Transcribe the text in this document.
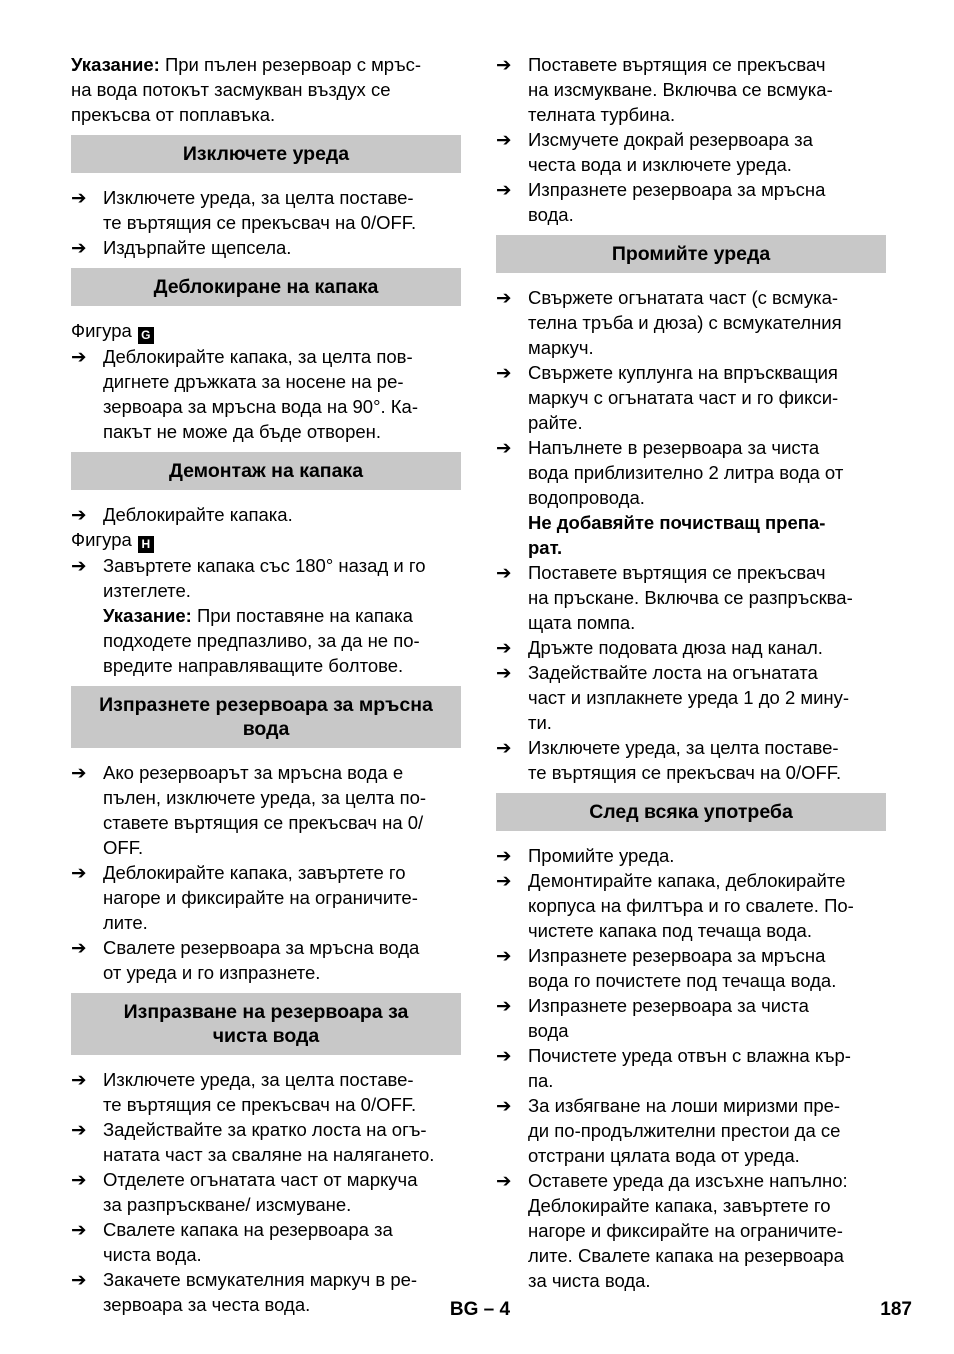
Указание: При пълен резервоар с мръс-
на вода потокът засмукван въздух се
прекъсва от поплавъка.

Изключете уреда
➔ Изключете уреда, за целта поставе-
те въртящия се прекъсвач на 0/OFF.
➔ Издърпайте щепсела.
Деблокиране на капака
Фигура G
➔ Деблокирайте капака, за целта пов-
дигнете дръжката за носене на ре-
зервоара за мръсна вода на 90°. Ка-
пакът не може да бъде отворен.
Демонтаж на капака
➔ Деблокирайте капака.
Фигура H
➔ Завъртете капака със 180° назад и го
изтеглете.
Указание: При поставяне на капака
подходете предпазливо, за да не по-
вредите направляващите болтове.
Изпразнете резервоара за мръсна
вода
➔ Ако резервоарът за мръсна вода е
пълен, изключете уреда, за целта по-
ставете въртящия се прекъсвач на 0/
OFF.
➔ Деблокирайте капака, завъртете го
нагоре и фиксирайте на ограничите-
лите.
➔ Свалете резервоара за мръсна вода
от уреда и го изпразнете.
Изпразване на резервоара за
чиста вода
➔ Изключете уреда, за целта поставе-
те въртящия се прекъсвач на 0/OFF.
➔ Задействайте за кратко лоста на огъ-
натата част за сваляне на налягането.
➔ Отделете огънатата част от маркуча
за разпръскване/ изсмуване.
➔ Свалете капака на резервоара за
чиста вода.
➔ Закачете всмукателния маркуч в ре-
зервоара за честа вода.
➔ Поставете въртящия се прекъсвач
на изсмукване. Включва се всмука-
телната турбина.
➔ Изсмучете докрай резервоара за
честа вода и изключете уреда.
➔ Изпразнете резервоара за мръсна
вода.
Промийте уреда
➔ Свържете огънатата част (с всмука-
телна тръба и дюза) с всмукателния
маркуч.
➔ Свържете куплунга на впръскващия
маркуч с огънатата част и го фикси-
райте.
➔ Напълнете в резервоара за чиста
вода приблизително 2 литра вода от
водопровода.
Не добавяйте почистващ препа-
рат.
➔ Поставете въртящия се прекъсвач
на пръскане. Включва се разпръсква-
щата помпа.
➔ Дръжте подовата дюза над канал.
➔ Задействайте лоста на огънатата
част и изплакнете уреда 1 до 2 мину-
ти.
➔ Изключете уреда, за целта поставе-
те въртящия се прекъсвач на 0/OFF.
След всяка употреба
➔ Промийте уреда.
➔ Демонтирайте капака, деблокирайте
корпуса на филтъра и го свалете. По-
чистете капака под течаща вода.
➔ Изпразнете резервоара за мръсна
вода го почистете под течаща вода.
➔ Изпразнете резервоара за чиста
вода
➔ Почистете уреда отвън с влажна кър-
па.
➔ За избягване на лоши миризми пре-
ди по-продължителни престои да се
отстрани цялата вода от уреда.
➔ Оставете уреда да изсъхне напълно:
Деблокирайте капака, завъртете го
нагоре и фиксирайте на ограничите-
лите. Свалете капака на резервоара
за чиста вода.
BG – 4	187
